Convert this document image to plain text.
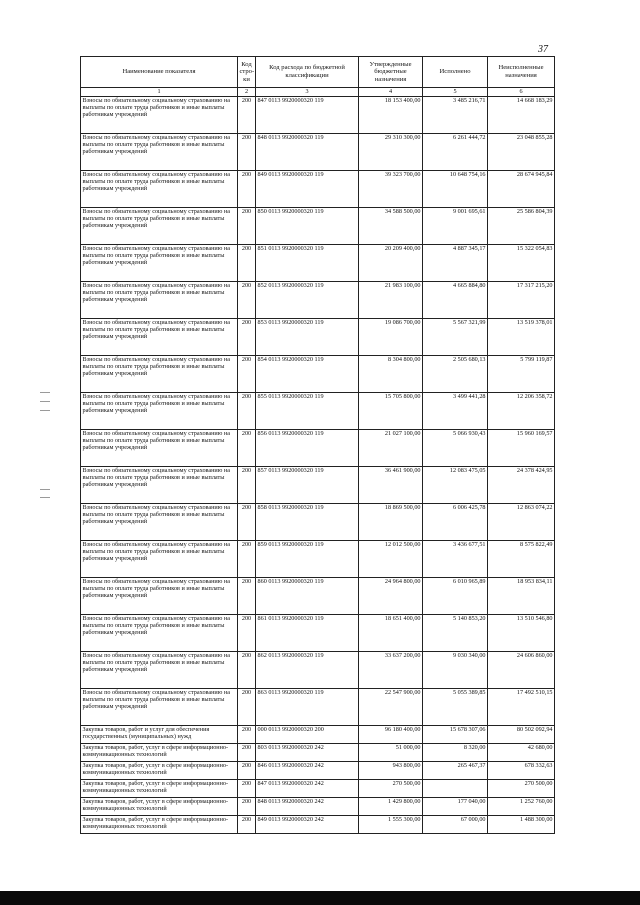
37
Наименование показателя	Код стро-ки	Код расхода по бюджетной классификации	Утвержденные бюджетные назначения	Исполнено	Неисполненные назначения
1	2	3	4	5	6
Взносы по обязательному социальному страхованию на выплаты по оплате труда работников и иные выплаты работникам учреждений	200	847 0113 9920000320 119	18 153 400,00	3 485 216,71	14 668 183,29
Взносы по обязательному социальному страхованию на выплаты по оплате труда работников и иные выплаты работникам учреждений	200	848 0113 9920000320 119	29 310 300,00	6 261 444,72	23 048 855,28
Взносы по обязательному социальному страхованию на выплаты по оплате труда работников и иные выплаты работникам учреждений	200	849 0113 9920000320 119	39 323 700,00	10 648 754,16	28 674 945,84
Взносы по обязательному социальному страхованию на выплаты по оплате труда работников и иные выплаты работникам учреждений	200	850 0113 9920000320 119	34 588 500,00	9 001 695,61	25 586 804,39
Взносы по обязательному социальному страхованию на выплаты по оплате труда работников и иные выплаты работникам учреждений	200	851 0113 9920000320 119	20 209 400,00	4 887 345,17	15 322 054,83
Взносы по обязательному социальному страхованию на выплаты по оплате труда работников и иные выплаты работникам учреждений	200	852 0113 9920000320 119	21 983 100,00	4 665 884,80	17 317 215,20
Взносы по обязательному социальному страхованию на выплаты по оплате труда работников и иные выплаты работникам учреждений	200	853 0113 9920000320 119	19 086 700,00	5 567 321,99	13 519 378,01
Взносы по обязательному социальному страхованию на выплаты по оплате труда работников и иные выплаты работникам учреждений	200	854 0113 9920000320 119	8 304 800,00	2 505 680,13	5 799 119,87
Взносы по обязательному социальному страхованию на выплаты по оплате труда работников и иные выплаты работникам учреждений	200	855 0113 9920000320 119	15 705 800,00	3 499 441,28	12 206 358,72
Взносы по обязательному социальному страхованию на выплаты по оплате труда работников и иные выплаты работникам учреждений	200	856 0113 9920000320 119	21 027 100,00	5 066 930,43	15 960 169,57
Взносы по обязательному социальному страхованию на выплаты по оплате труда работников и иные выплаты работникам учреждений	200	857 0113 9920000320 119	36 461 900,00	12 083 475,05	24 378 424,95
Взносы по обязательному социальному страхованию на выплаты по оплате труда работников и иные выплаты работникам учреждений	200	858 0113 9920000320 119	18 869 500,00	6 006 425,78	12 863 074,22
Взносы по обязательному социальному страхованию на выплаты по оплате труда работников и иные выплаты работникам учреждений	200	859 0113 9920000320 119	12 012 500,00	3 436 677,51	8 575 822,49
Взносы по обязательному социальному страхованию на выплаты по оплате труда работников и иные выплаты работникам учреждений	200	860 0113 9920000320 119	24 964 800,00	6 010 965,89	18 953 834,11
Взносы по обязательному социальному страхованию на выплаты по оплате труда работников и иные выплаты работникам учреждений	200	861 0113 9920000320 119	18 651 400,00	5 140 853,20	13 510 546,80
Взносы по обязательному социальному страхованию на выплаты по оплате труда работников и иные выплаты работникам учреждений	200	862 0113 9920000320 119	33 637 200,00	9 030 340,00	24 606 860,00
Взносы по обязательному социальному страхованию на выплаты по оплате труда работников и иные выплаты работникам учреждений	200	863 0113 9920000320 119	22 547 900,00	5 055 389,85	17 492 510,15
Закупка товаров, работ и услуг для обеспечения государственных (муниципальных) нужд	200	000 0113 9920000320 200	96 180 400,00	15 678 307,06	80 502 092,94
Закупка товаров, работ, услуг в сфере информационно-коммуникационных технологий	200	803 0113 9920000320 242	51 000,00	8 320,00	42 680,00
Закупка товаров, работ, услуг в сфере информационно-коммуникационных технологий	200	846 0113 9920000320 242	943 800,00	265 467,37	678 332,63
Закупка товаров, работ, услуг в сфере информационно-коммуникационных технологий	200	847 0113 9920000320 242	270 500,00		270 500,00
Закупка товаров, работ, услуг в сфере информационно-коммуникационных технологий	200	848 0113 9920000320 242	1 429 800,00	177 040,00	1 252 760,00
Закупка товаров, работ, услуг в сфере информационно-коммуникационных технологий	200	849 0113 9920000320 242	1 555 300,00	67 000,00	1 488 300,00
